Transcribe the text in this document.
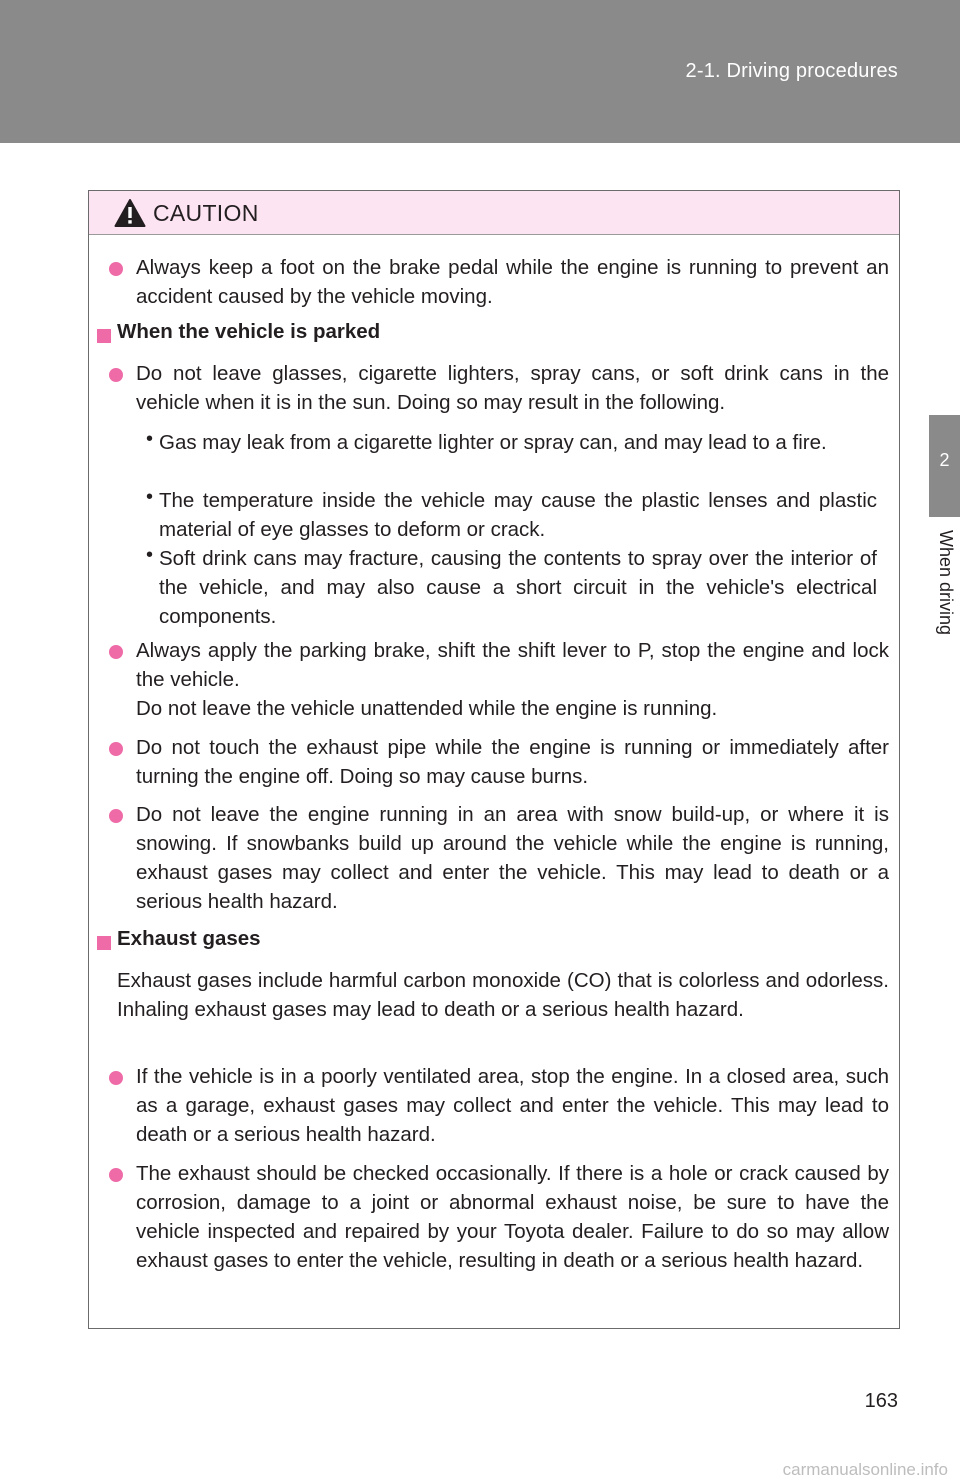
2-1. Driving procedures
2
When driving
CAUTION
Always keep a foot on the brake pedal while the engine is running to prevent an accident caused by the vehicle moving.
When the vehicle is parked
Do not leave glasses, cigarette lighters, spray cans, or soft drink cans in the vehicle when it is in the sun. Doing so may result in the following.
• Gas may leak from a cigarette lighter or spray can, and may lead to a fire.
• The temperature inside the vehicle may cause the plastic lenses and plastic material of eye glasses to deform or crack.
• Soft drink cans may fracture, causing the contents to spray over the interior of the vehicle, and may also cause a short circuit in the vehicle's electrical components.
Always apply the parking brake, shift the shift lever to P, stop the engine and lock the vehicle.
Do not leave the vehicle unattended while the engine is running.
Do not touch the exhaust pipe while the engine is running or immediately after turning the engine off. Doing so may cause burns.
Do not leave the engine running in an area with snow build-up, or where it is snowing. If snowbanks build up around the vehicle while the engine is running, exhaust gases may collect and enter the vehicle. This may lead to death or a serious health hazard.
Exhaust gases
Exhaust gases include harmful carbon monoxide (CO) that is colorless and odorless. Inhaling exhaust gases may lead to death or a serious health hazard.
If the vehicle is in a poorly ventilated area, stop the engine. In a closed area, such as a garage, exhaust gases may collect and enter the vehicle. This may lead to death or a serious health hazard.
The exhaust should be checked occasionally. If there is a hole or crack caused by corrosion, damage to a joint or abnormal exhaust noise, be sure to have the vehicle inspected and repaired by your Toyota dealer. Failure to do so may allow exhaust gases to enter the vehicle, resulting in death or a serious health hazard.
163
carmanualsonline.info
